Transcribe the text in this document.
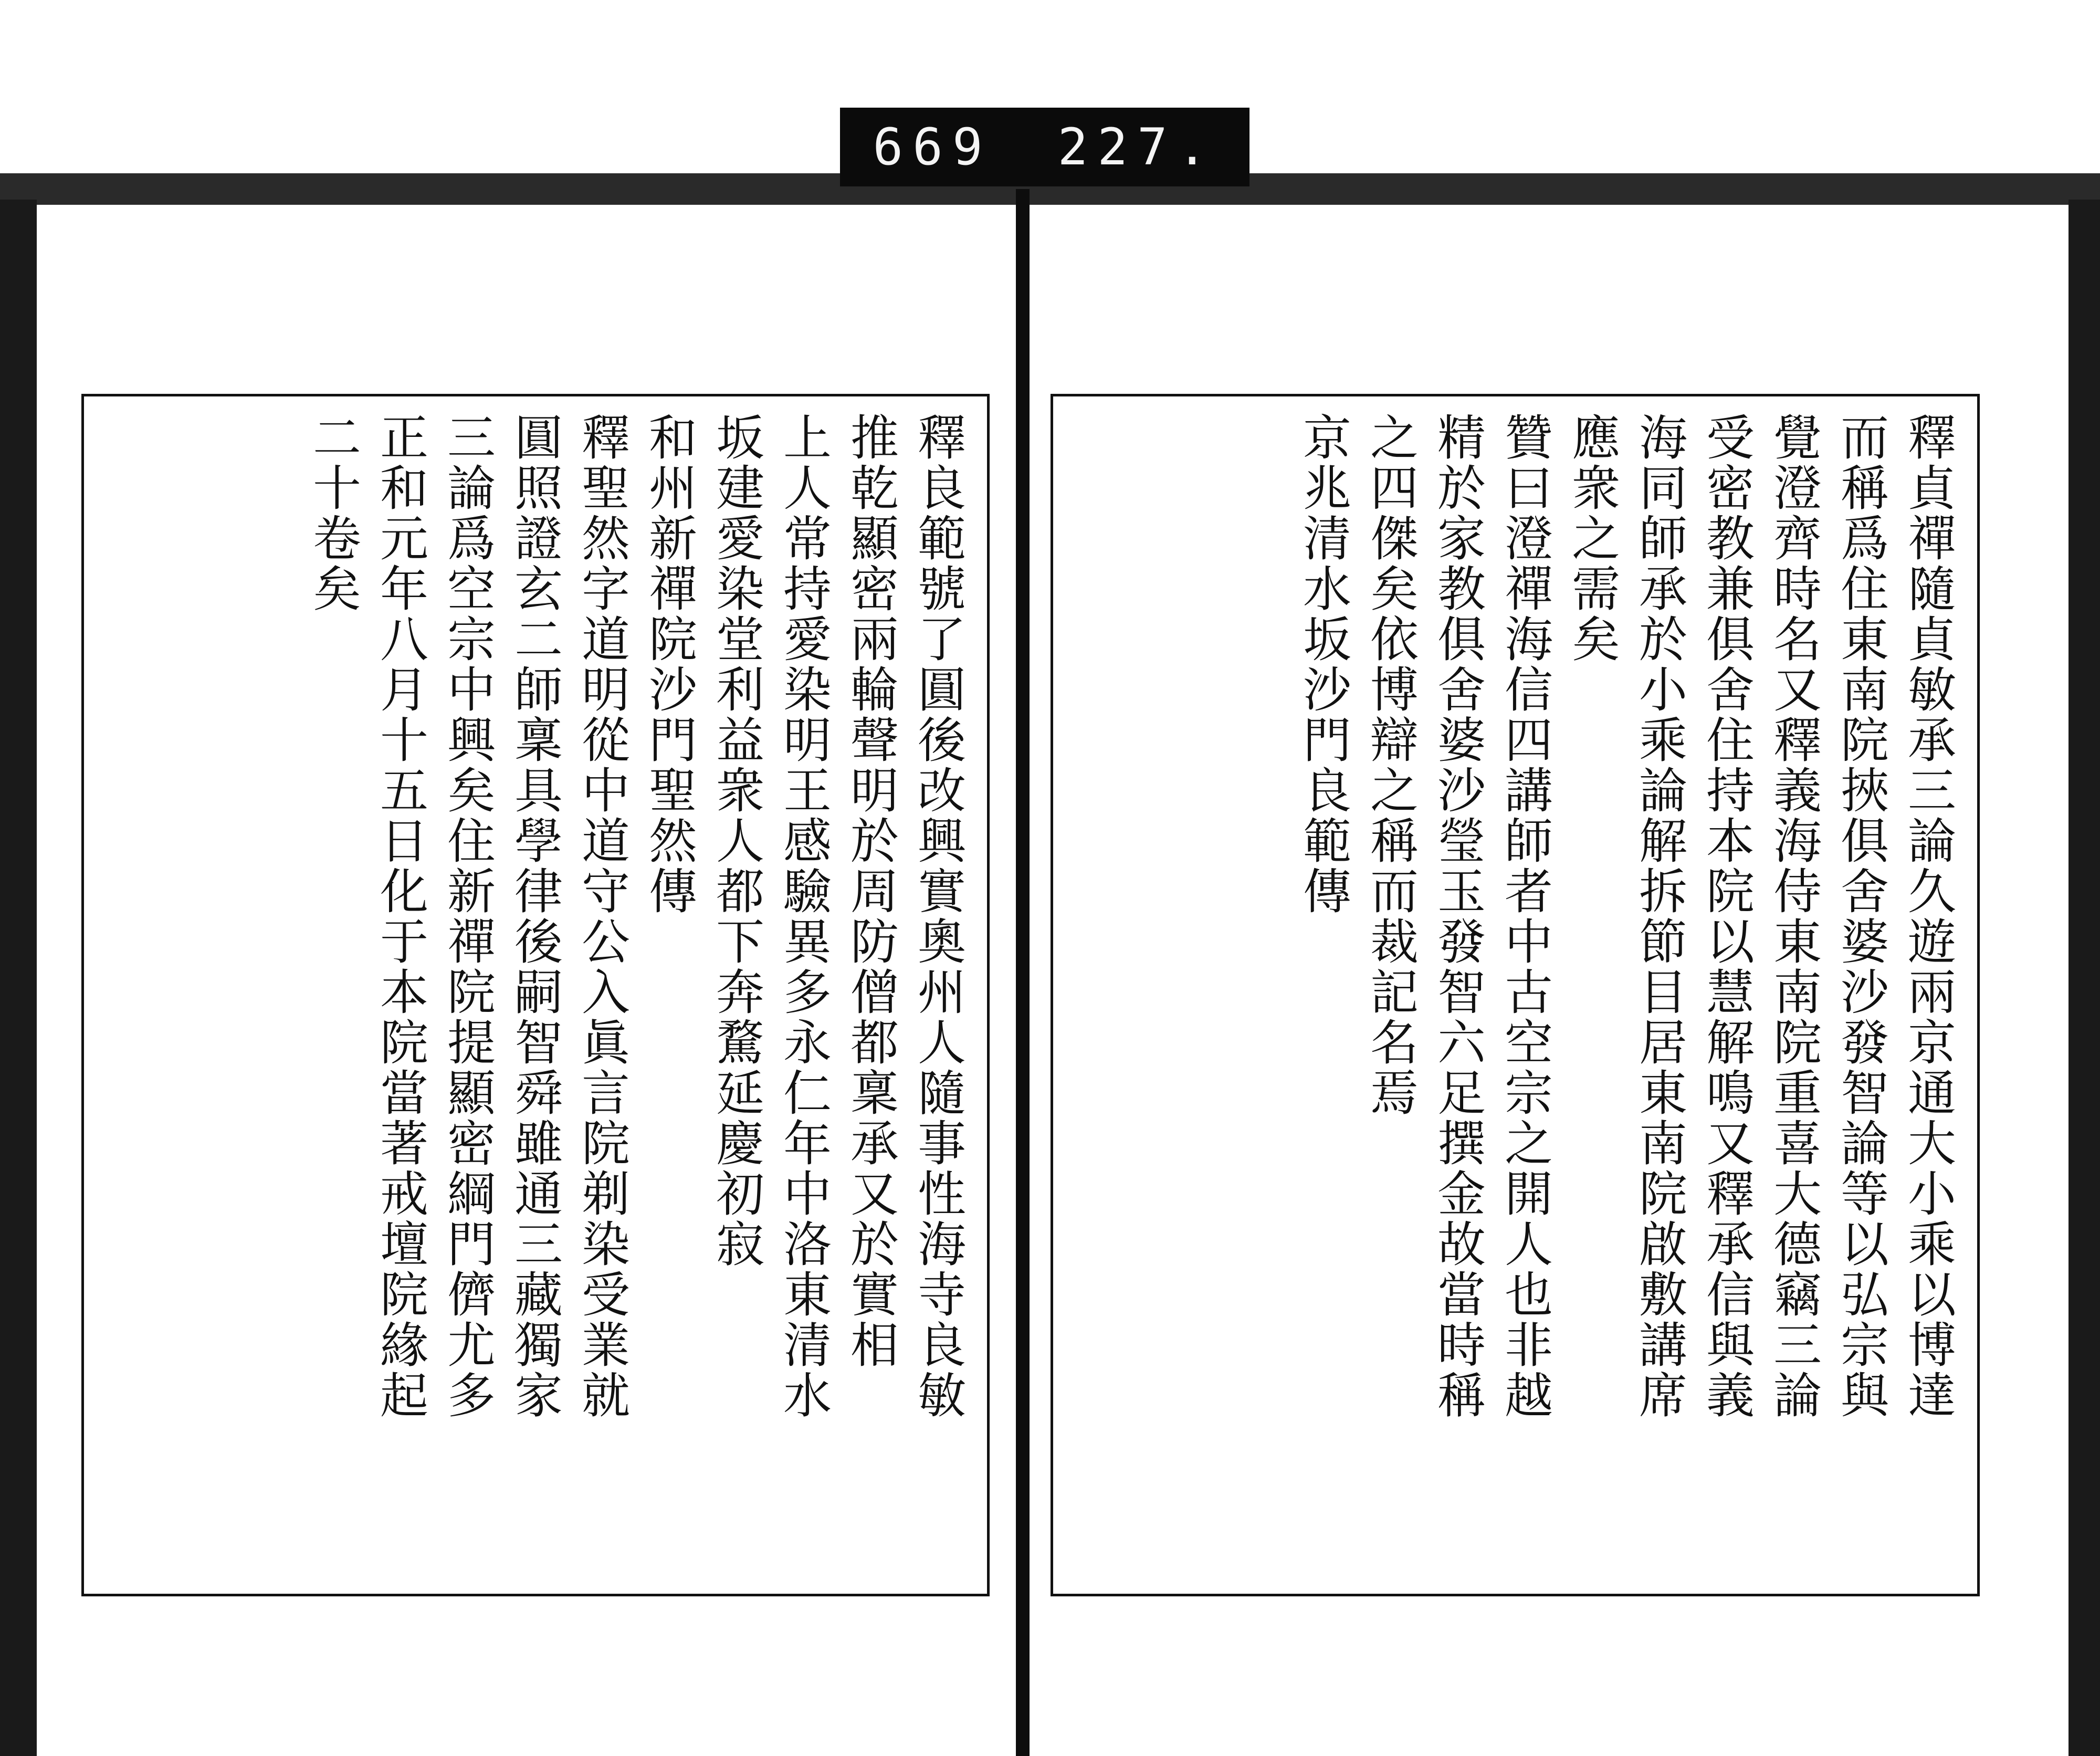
669 227.

釋良範號了圓後改興實奧州人隨事性海寺良敏

推乾顯密兩輪聲明於周防僧都稟承又於實相

上人常持愛染明王感驗異多永仁年中洛東清水

坂建愛染堂利益衆人都下奔騖延慶初寂

和州新禪院沙門聖然傳

釋聖然字道明從中道守公入眞言院剃染受業就

圓照證玄二師稟具學律後嗣智舜雖通三藏獨家

三論爲空宗中興矣住新禪院提顯密綱門儕尤多

正和元年八月十五日化于本院當著戒壇院緣起

二十卷矣	釋貞禪隨貞敏承三論久遊兩京通大小乘以博達

而稱爲住東南院挾俱舍婆沙發智論等以弘宗與

覺澄齊時名又釋義海侍東南院重喜大德竊三論

受密教兼俱舍住持本院以慧解鳴又釋承信與義

海同師承於小乘論解拆節目居東南院啟敷講席

應衆之需矣

贊曰澄禪海信四講師者中古空宗之開人也非越

精於家教俱舍婆沙瑩玉發智六足撰金故當時稱

之四傑矣依博辯之稱而裁記名焉

京兆清水坂沙門良範傳
